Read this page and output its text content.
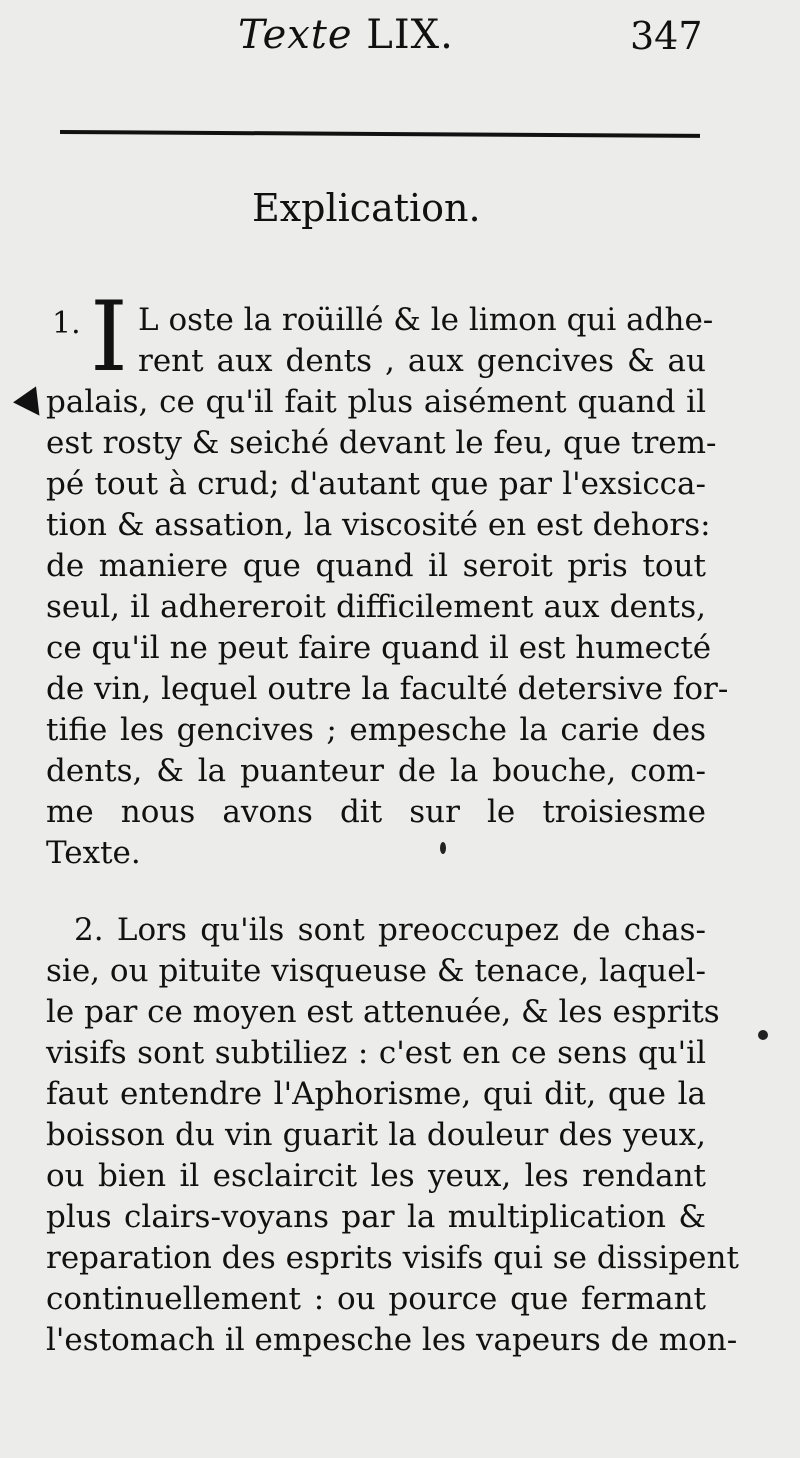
Texte LIX.	347
Explication.
1. I L oste la roüillé & le limon qui adhe-
rent aux dents , aux gencives & au
palais, ce qu'il fait plus aisément quand il
est rosty & seiché devant le feu, que trem-
pé tout à crud; d'autant que par l'exsicca-
tion & assation, la viscosité en est dehors:
de maniere que quand il seroit pris tout
seul, il adhereroit difficilement aux dents,
ce qu'il ne peut faire quand il est humecté
de vin, lequel outre la faculté detersive for-
tifie les gencives ; empesche la carie des
dents, & la puanteur de la bouche, com-
me nous avons dit sur le troisiesme
Texte.
2. Lors qu'ils sont preoccupez de chas-
sie, ou pituite visqueuse & tenace, laquel-
le par ce moyen est attenuée, & les esprits
visifs sont subtiliez : c'est en ce sens qu'il
faut entendre l'Aphorisme, qui dit, que la
boisson du vin guarit la douleur des yeux,
ou bien il esclaircit les yeux, les rendant
plus clairs-voyans par la multiplication &
reparation des esprits visifs qui se dissipent
continuellement : ou pource que fermant
l'estomach il empesche les vapeurs de mon-
